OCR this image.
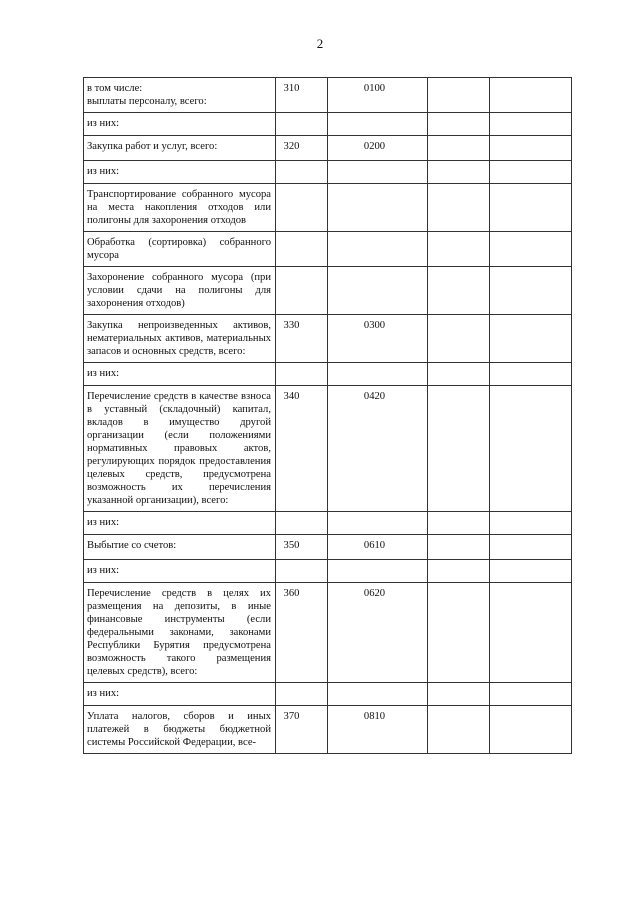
2
в том числе:
выплаты персоналу, всего:	310	0100		
из них:				
Закупка работ и услуг, всего:	320	0200		
из них:				
Транспортирование собранного мусора на места накопления отходов или полигоны для захоронения отходов				
Обработка (сортировка) собранного мусора				
Захоронение собранного мусора (при условии сдачи на полигоны для захоронения отходов)				
Закупка непроизведенных активов, нематериальных активов, материальных запасов и основных средств, всего:	330	0300		
из них:				
Перечисление средств в качестве взноса в уставный (складочный) капитал, вкладов в имущество другой организации (если положениями нормативных правовых актов, регулирующих порядок предоставления целевых средств, предусмотрена возможность их перечисления указанной организации), всего:	340	0420		
из них:				
Выбытие со счетов:	350	0610		
из них:				
Перечисление средств в целях их размещения на депозиты, в иные финансовые инструменты (если федеральными законами, законами Республики Бурятия предусмотрена возможность такого размещения целевых средств), всего:	360	0620		
из них:				
Уплата налогов, сборов и иных платежей в бюджеты бюджетной системы Российской Федерации, все-	370	0810		
